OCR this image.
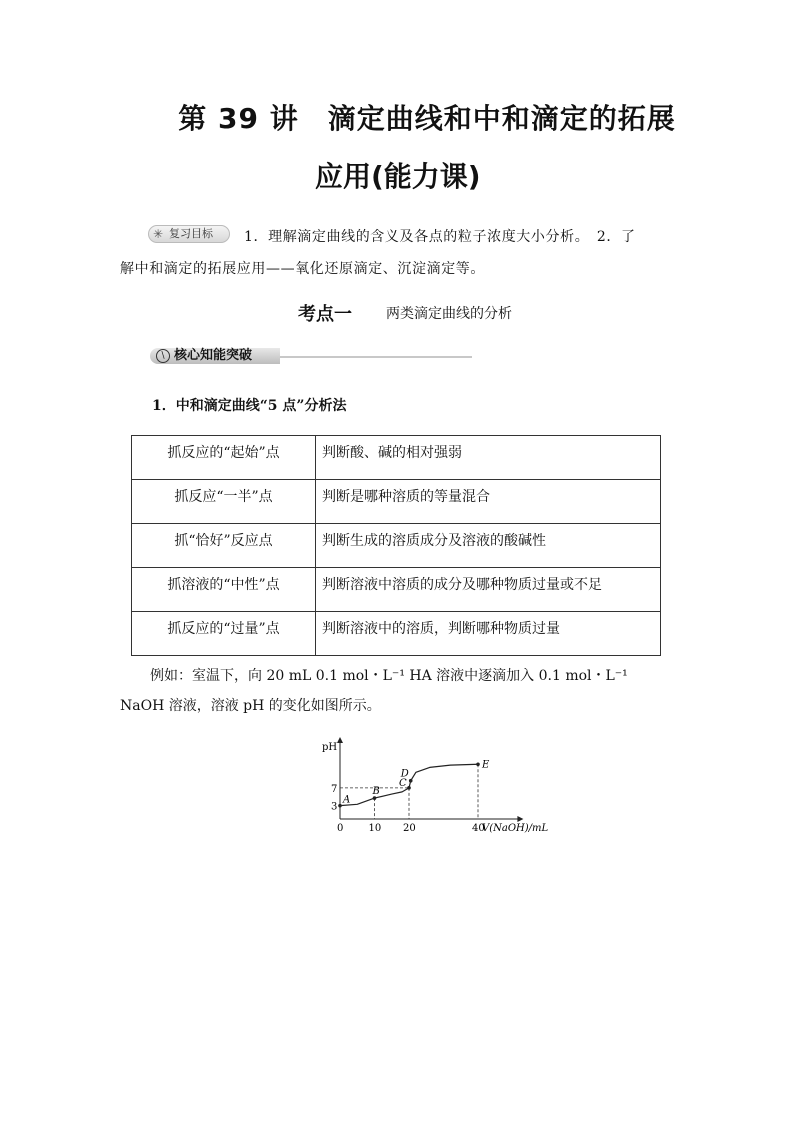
第 39 讲　滴定曲线和中和滴定的拓展
应用(能力课)
✳ 复习目标 1．理解滴定曲线的含义及各点的粒子浓度大小分析。　2．了
解中和滴定的拓展应用——氧化还原滴定、沉淀滴定等。
考点一 两类滴定曲线的分析
\ 核心知能突破
1．中和滴定曲线“5 点”分析法
抓反应的“起始”点	判断酸、碱的相对强弱
抓反应“一半”点	判断是哪种溶质的等量混合
抓“恰好”反应点	判断生成的溶质成分及溶液的酸碱性
抓溶液的“中性”点	判断溶液中溶质的成分及哪种物质过量或不足
抓反应的“过量”点	判断溶液中的溶质，判断哪种物质过量
例如：室温下，向 20 mL 0.1 mol・L⁻¹ HA 溶液中逐滴加入 0.1 mol・L⁻¹
NaOH 溶液，溶液 pH 的变化如图所示。
pH
V(NaOH)/mL
0	10 20	40
3
7
A
B
C
D
E
